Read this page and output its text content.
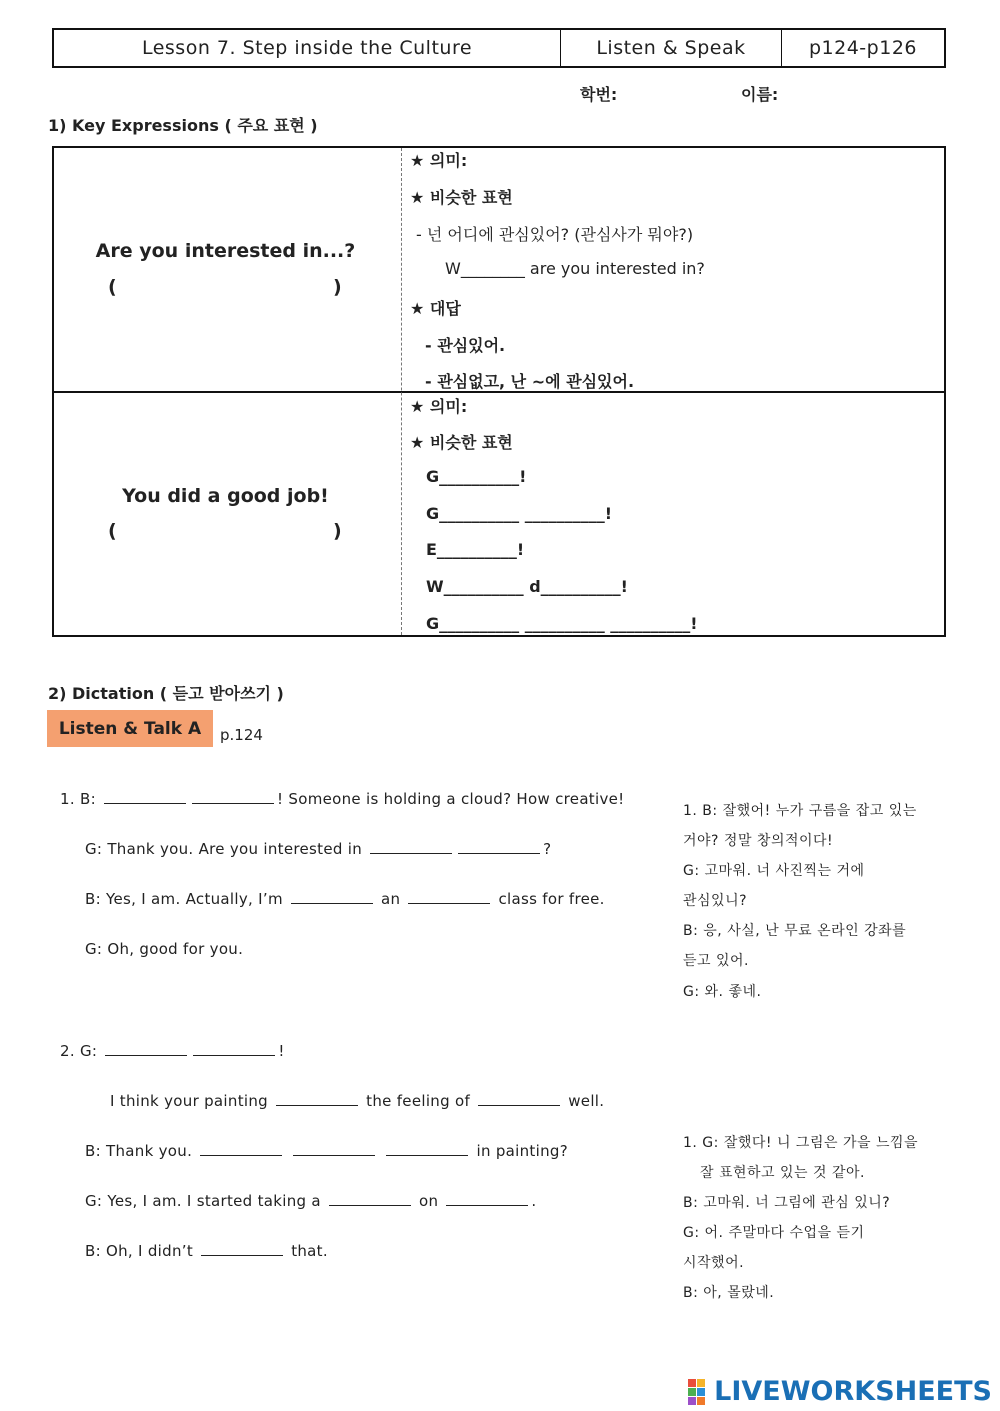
Lesson 7. Step inside the Culture	Listen & Speak	p124-p126
학번:	이름:
1) Key Expressions ( 주요 표현 )
Are you interested in...?
(	)
★ 의미:
★ 비슷한 표현
- 넌 어디에 관심있어? (관심사가 뭐야?)
W________ are you interested in?
★ 대답
- 관심있어.
- 관심없고, 난 ~에 관심있어.
You did a good job!
(	)
★ 의미:
★ 비슷한 표현
G__________!
G__________ __________!
E__________!
W__________ d__________!
G__________ __________ __________!
2) Dictation ( 듣고 받아쓰기 )
Listen & Talk A	p.124
1. B:	! Someone is holding a cloud? How creative!
G: Thank you. Are you interested in	?
B: Yes, I am. Actually, I’m	an	class for free.
G: Oh, good for you.
2. G:	!
I think your painting	the feeling of	well.
B: Thank you.	in painting?
G: Yes, I am. I started taking a	on	.
B: Oh, I didn’t	that.
1. B: 잘했어! 누가 구름을 잡고 있는
거야? 정말 창의적이다!
G: 고마워. 너 사진찍는 거에
관심있니?
B: 응, 사실, 난 무료 온라인 강좌를
듣고 있어.
G: 와. 좋네.
1. G: 잘했다! 니 그림은 가을 느낌을
잘 표현하고 있는 것 같아.
B: 고마워. 너 그림에 관심 있니?
G: 어. 주말마다 수업을 듣기
시작했어.
B: 아, 몰랐네.
LIVEWORKSHEETS
